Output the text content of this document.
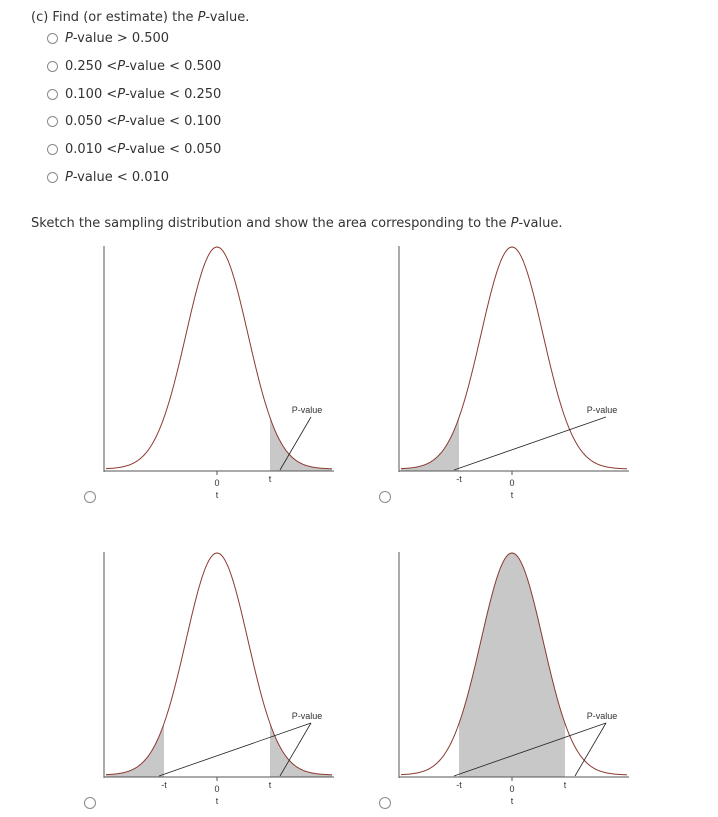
(c) Find (or estimate) the P-value.
P -value > 0.500
0.250 < P -value < 0.500
0.100 < P -value < 0.250
0.050 < P -value < 0.100
0.010 < P -value < 0.050
P -value < 0.010
Sketch the sampling distribution and show the area corresponding to the P-value.
0
t
t
P-value
0
t
-t
P-value
0
t
t
-t
P-value
0
t
t
-t
P-value
